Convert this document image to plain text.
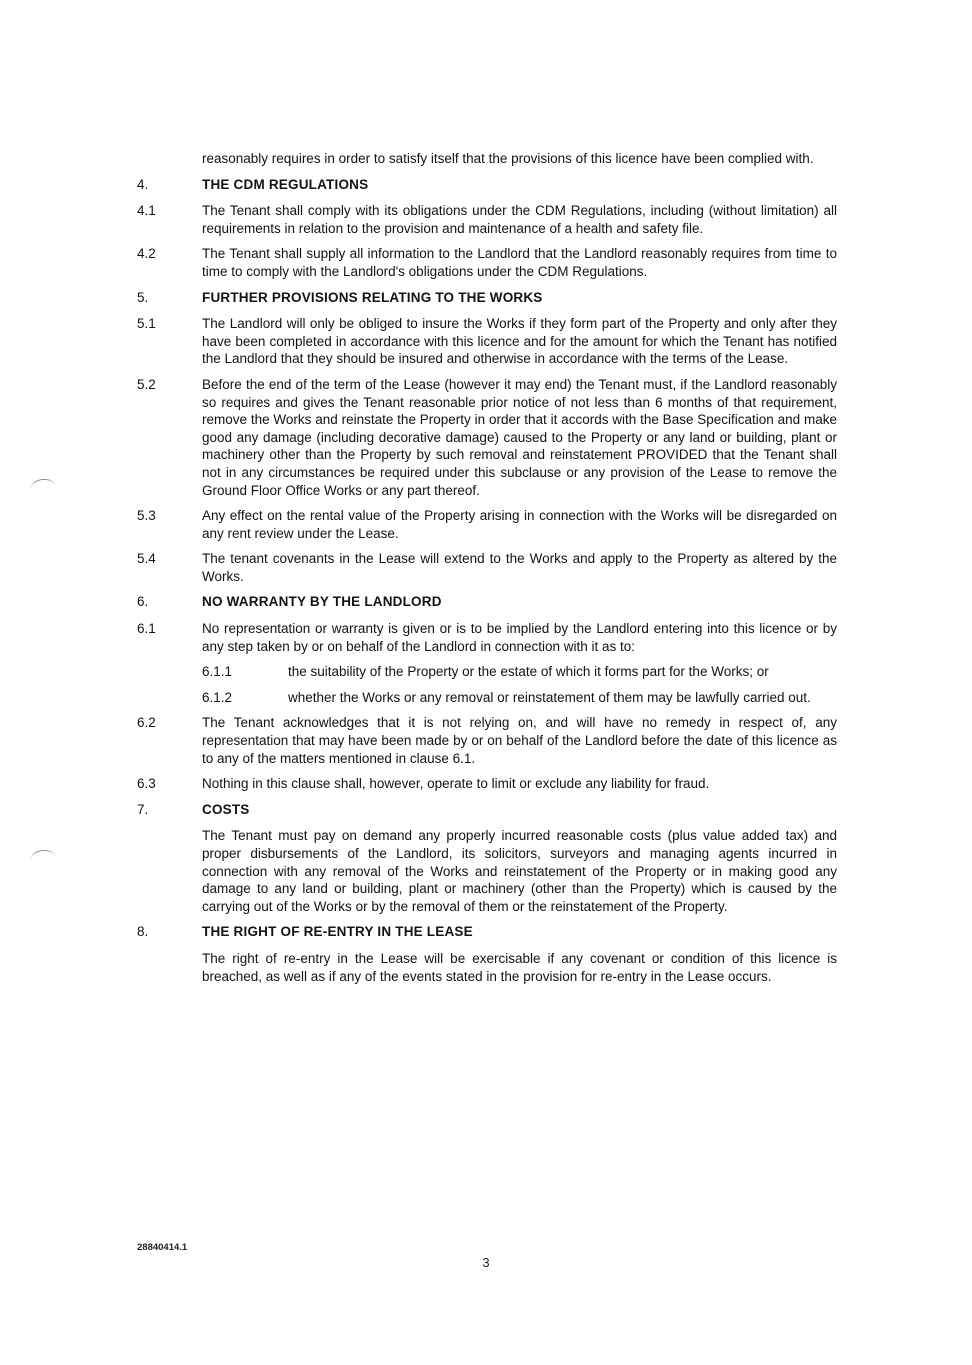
reasonably requires in order to satisfy itself that the provisions of this licence have been complied with.
4.	THE CDM REGULATIONS
4.1	The Tenant shall comply with its obligations under the CDM Regulations, including (without limitation) all requirements in relation to the provision and maintenance of a health and safety file.
4.2	The Tenant shall supply all information to the Landlord that the Landlord reasonably requires from time to time to comply with the Landlord's obligations under the CDM Regulations.
5.	FURTHER PROVISIONS RELATING TO THE WORKS
5.1	The Landlord will only be obliged to insure the Works if they form part of the Property and only after they have been completed in accordance with this licence and for the amount for which the Tenant has notified the Landlord that they should be insured and otherwise in accordance with the terms of the Lease.
5.2	Before the end of the term of the Lease (however it may end) the Tenant must, if the Landlord reasonably so requires and gives the Tenant reasonable prior notice of not less than 6 months of that requirement, remove the Works and reinstate the Property in order that it accords with the Base Specification and make good any damage (including decorative damage) caused to the Property or any land or building, plant or machinery other than the Property by such removal and reinstatement PROVIDED that the Tenant shall not in any circumstances be required under this subclause or any provision of the Lease to remove the Ground Floor Office Works or any part thereof.
5.3	Any effect on the rental value of the Property arising in connection with the Works will be disregarded on any rent review under the Lease.
5.4	The tenant covenants in the Lease will extend to the Works and apply to the Property as altered by the Works.
6.	NO WARRANTY BY THE LANDLORD
6.1	No representation or warranty is given or is to be implied by the Landlord entering into this licence or by any step taken by or on behalf of the Landlord in connection with it as to:
6.1.1	the suitability of the Property or the estate of which it forms part for the Works; or
6.1.2	whether the Works or any removal or reinstatement of them may be lawfully carried out.
6.2	The Tenant acknowledges that it is not relying on, and will have no remedy in respect of, any representation that may have been made by or on behalf of the Landlord before the date of this licence as to any of the matters mentioned in clause 6.1.
6.3	Nothing in this clause shall, however, operate to limit or exclude any liability for fraud.
7.	COSTS
The Tenant must pay on demand any properly incurred reasonable costs (plus value added tax) and proper disbursements of the Landlord, its solicitors, surveyors and managing agents incurred in connection with any removal of the Works and reinstatement of the Property or in making good any damage to any land or building, plant or machinery (other than the Property) which is caused by the carrying out of the Works or by the removal of them or the reinstatement of the Property.
8.	THE RIGHT OF RE-ENTRY IN THE LEASE
The right of re-entry in the Lease will be exercisable if any covenant or condition of this licence is breached, as well as if any of the events stated in the provision for re-entry in the Lease occurs.
28840414.1
3
